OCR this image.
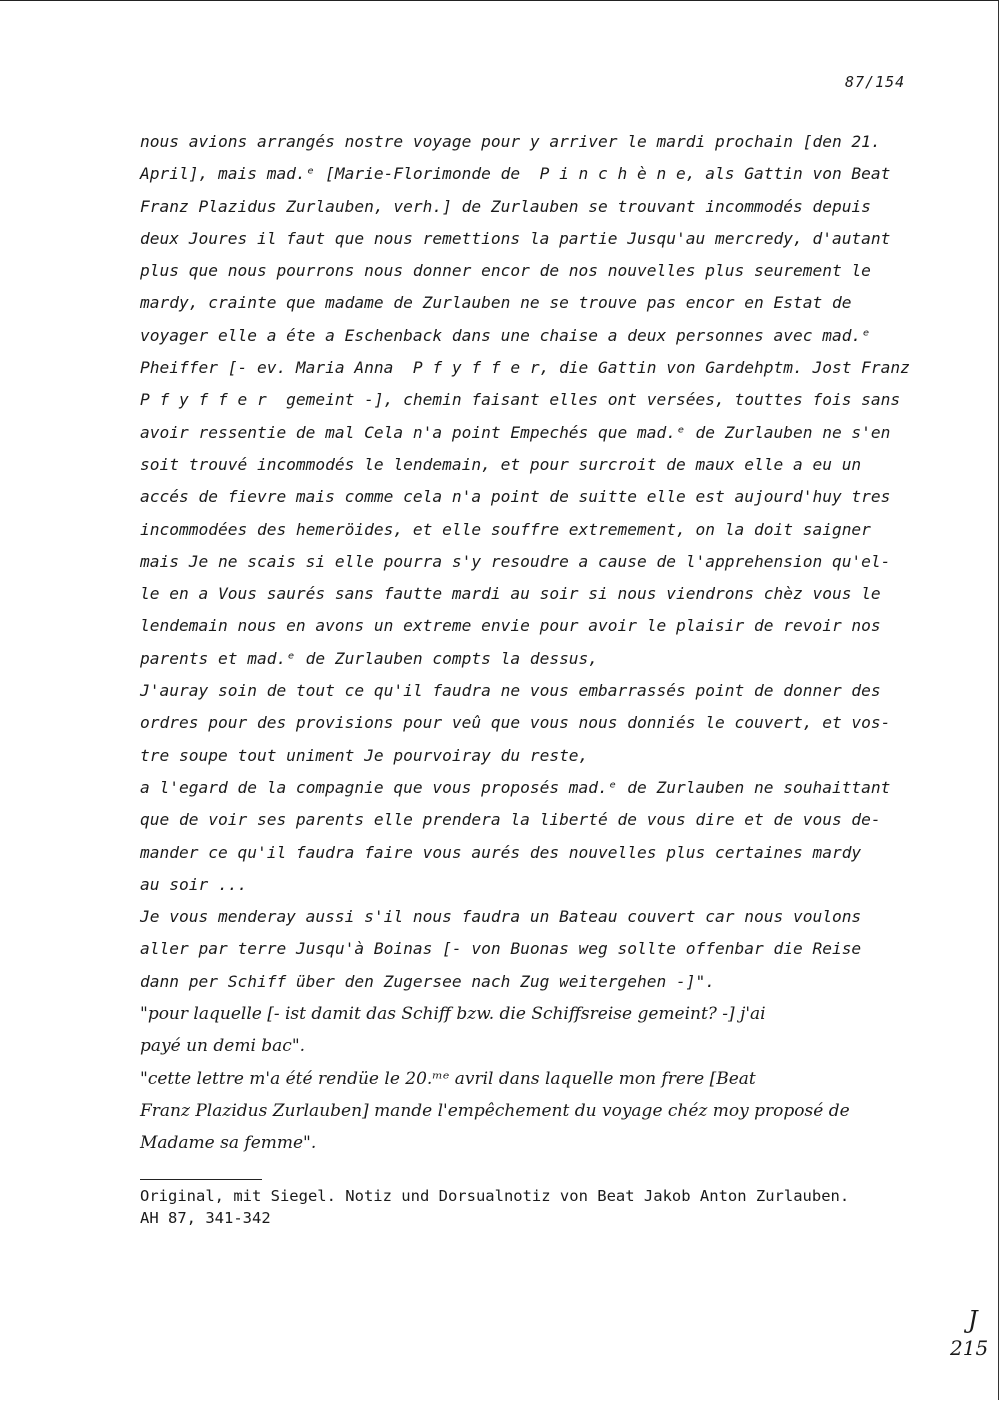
87/154
nous avions arrangés nostre voyage pour y arriver le mardi prochain [den 21.
April], mais mad.ᵉ [Marie-Florimonde de  P i n c h è n e, als Gattin von Beat
Franz Plazidus Zurlauben, verh.] de Zurlauben se trouvant incommodés depuis
deux Joures il faut que nous remettions la partie Jusqu'au mercredy, d'autant
plus que nous pourrons nous donner encor de nos nouvelles plus seurement le
mardy, crainte que madame de Zurlauben ne se trouve pas encor en Estat de
voyager elle a éte a Eschenback dans une chaise a deux personnes avec mad.ᵉ
Pheiffer [- ev. Maria Anna  P f y f f e r, die Gattin von Gardehptm. Jost Franz
P f y f f e r  gemeint -], chemin faisant elles ont versées, touttes fois sans
avoir ressentie de mal Cela n'a point Empechés que mad.ᵉ de Zurlauben ne s'en
soit trouvé incommodés le lendemain, et pour surcroit de maux elle a eu un
accés de fievre mais comme cela n'a point de suitte elle est aujourd'huy tres
incommodées des hemeröides, et elle souffre extremement, on la doit saigner
mais Je ne scais si elle pourra s'y resoudre a cause de l'apprehension qu'el-
le en a Vous saurés sans fautte mardi au soir si nous viendrons chèz vous le
lendemain nous en avons un extreme envie pour avoir le plaisir de revoir nos
parents et mad.ᵉ de Zurlauben compts la dessus,
J'auray soin de tout ce qu'il faudra ne vous embarrassés point de donner des
ordres pour des provisions pour veû que vous nous donniés le couvert, et vos-
tre soupe tout uniment Je pourvoiray du reste,
a l'egard de la compagnie que vous proposés mad.ᵉ de Zurlauben ne souhaittant
que de voir ses parents elle prendera la liberté de vous dire et de vous de-
mander ce qu'il faudra faire vous aurés des nouvelles plus certaines mardy
au soir ...
Je vous menderay aussi s'il nous faudra un Bateau couvert car nous voulons
aller par terre Jusqu'à Boinas [- von Buonas weg sollte offenbar die Reise
dann per Schiff über den Zugersee nach Zug weitergehen -]".
"pour laquelle [- ist damit das Schiff bzw. die Schiffsreise gemeint? -] j'ai
payé un demi bac".
"cette lettre m'a été rendüe le 20.ᵐᵉ avril dans laquelle mon frere [Beat
Franz Plazidus Zurlauben] mande l'empêchement du voyage chéz moy proposé de
Madame sa femme".
Original, mit Siegel. Notiz und Dorsualnotiz von Beat Jakob Anton Zurlauben.
AH 87, 341-342
J
215
